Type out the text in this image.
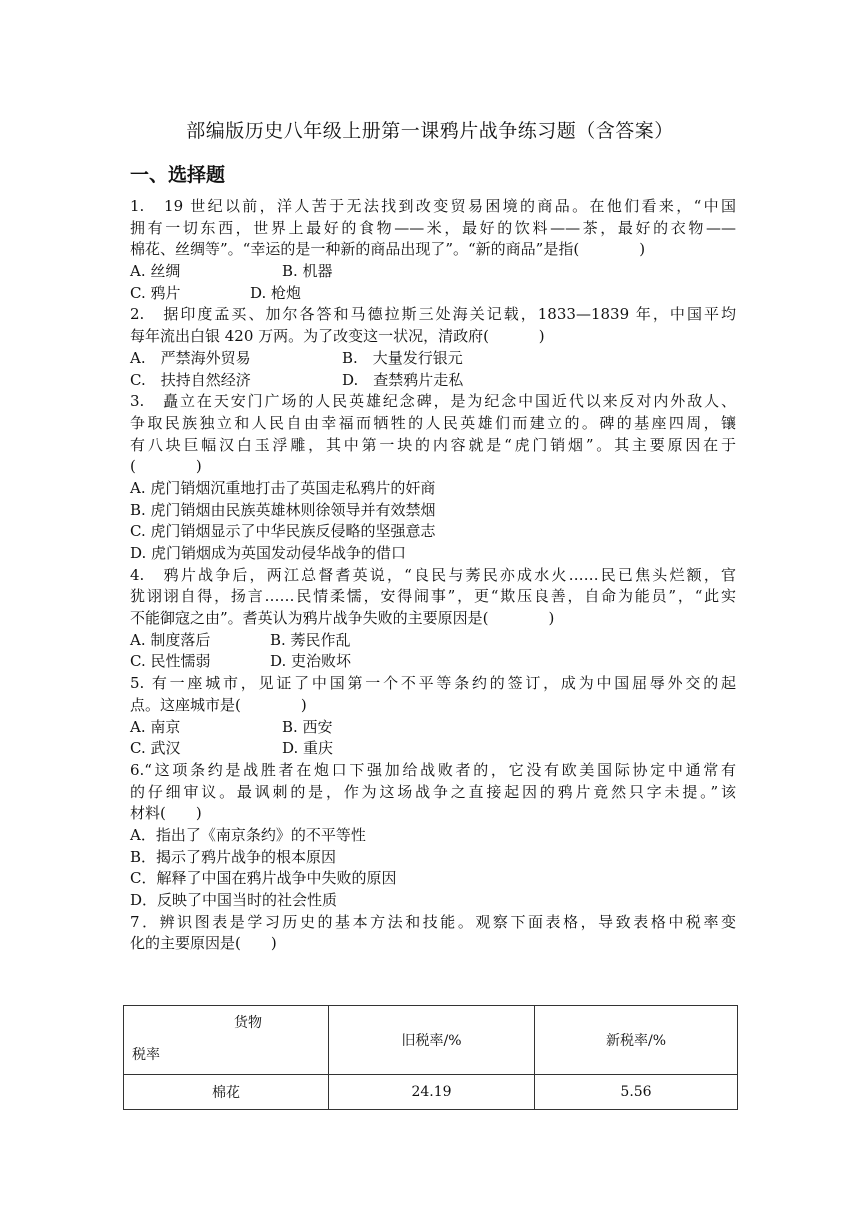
部编版历史八年级上册第一课鸦片战争练习题（含答案）
一、选择题
1.　19 世纪以前，洋人苦于无法找到改变贸易困境的商品。在他们看来，“中国
拥有一切东西，世界上最好的食物——米，最好的饮料——茶，最好的衣物——
棉花、丝绸等”。“幸运的是一种新的商品出现了”。“新的商品”是指(　　　　)
A. 丝绸	B. 机器
C. 鸦片	D. 枪炮
2.　据印度孟买、加尔各答和马德拉斯三处海关记载，1833—1839 年，中国平均
每年流出白银 420 万两。为了改变这一状况，清政府(　　　 )
A.　严禁海外贸易	B.　大量发行银元
C.　扶持自然经济	D.　查禁鸦片走私
3.　矗立在天安门广场的人民英雄纪念碑，是为纪念中国近代以来反对内外敌人、
争取民族独立和人民自由幸福而牺牲的人民英雄们而建立的。碑的基座四周，镶
有八块巨幅汉白玉浮雕，其中第一块的内容就是“虎门销烟”。其主要原因在于
(　　　　)
A. 虎门销烟沉重地打击了英国走私鸦片的奸商
B. 虎门销烟由民族英雄林则徐领导并有效禁烟
C. 虎门销烟显示了中华民族反侵略的坚强意志
D. 虎门销烟成为英国发动侵华战争的借口
4.　鸦片战争后，两江总督耆英说，“良民与莠民亦成水火……民已焦头烂额，官
犹诩诩自得，扬言……民情柔懦，安得闹事”，更“欺压良善，自命为能员”，“此实
不能御寇之由”。耆英认为鸦片战争失败的主要原因是(　　　　)
A. 制度落后	B. 莠民作乱
C. 民性懦弱	D. 吏治败坏
5. 有一座城市，见证了中国第一个不平等条约的签订，成为中国屈辱外交的起
点。这座城市是(　　　　)
A. 南京	B. 西安
C. 武汉	D. 重庆
6.“这项条约是战胜者在炮口下强加给战败者的，它没有欧美国际协定中通常有
的仔细审议。最讽刺的是，作为这场战争之直接起因的鸦片竟然只字未提。”该
材料(　　)
A．指出了《南京条约》的不平等性
B．揭示了鸦片战争的根本原因
C．解释了中国在鸦片战争中失败的原因
D．反映了中国当时的社会性质
7．辨识图表是学习历史的基本方法和技能。观察下面表格，导致表格中税率变
化的主要原因是(　　)
货物
税率	旧税率/%	新税率/%
棉花	24.19	5.56
